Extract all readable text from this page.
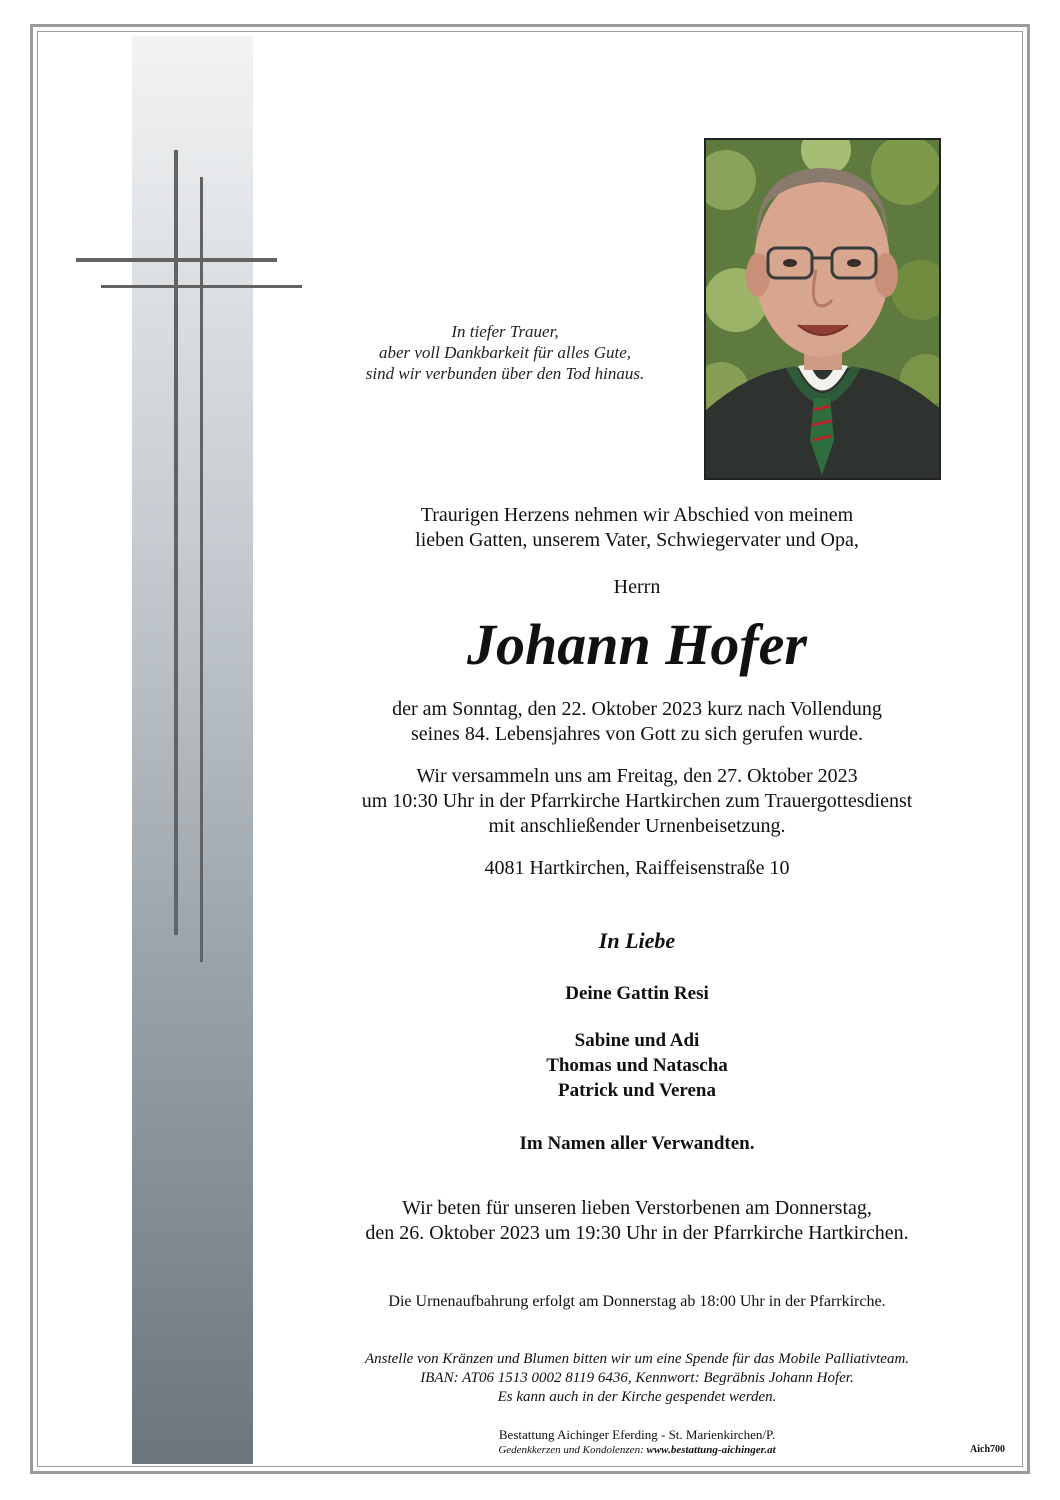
In tiefer Trauer,
aber voll Dankbarkeit für alles Gute,
sind wir verbunden über den Tod hinaus.
Traurigen Herzens nehmen wir Abschied von meinem
lieben Gatten, unserem Vater, Schwiegervater und Opa,
Herrn
Johann Hofer
der am Sonntag, den 22. Oktober 2023 kurz nach Vollendung
seines 84. Lebensjahres von Gott zu sich gerufen wurde.
Wir versammeln uns am Freitag, den 27. Oktober 2023
um 10:30 Uhr in der Pfarrkirche Hartkirchen zum Trauergottesdienst
mit anschließender Urnenbeisetzung.
4081 Hartkirchen, Raiffeisenstraße 10
In Liebe
Deine Gattin Resi
Sabine und Adi
Thomas und Natascha
Patrick und Verena
Im Namen aller Verwandten.
Wir beten für unseren lieben Verstorbenen am Donnerstag,
den 26. Oktober 2023 um 19:30 Uhr in der Pfarrkirche Hartkirchen.
Die Urnenaufbahrung erfolgt am Donnerstag ab 18:00 Uhr in der Pfarrkirche.
Anstelle von Kränzen und Blumen bitten wir um eine Spende für das Mobile Palliativteam.
IBAN: AT06 1513 0002 8119 6436, Kennwort: Begräbnis Johann Hofer.
Es kann auch in der Kirche gespendet werden.
Bestattung Aichinger Eferding - St. Marienkirchen/P.
Gedenkkerzen und Kondolenzen: www.bestattung-aichinger.at	Aich700
